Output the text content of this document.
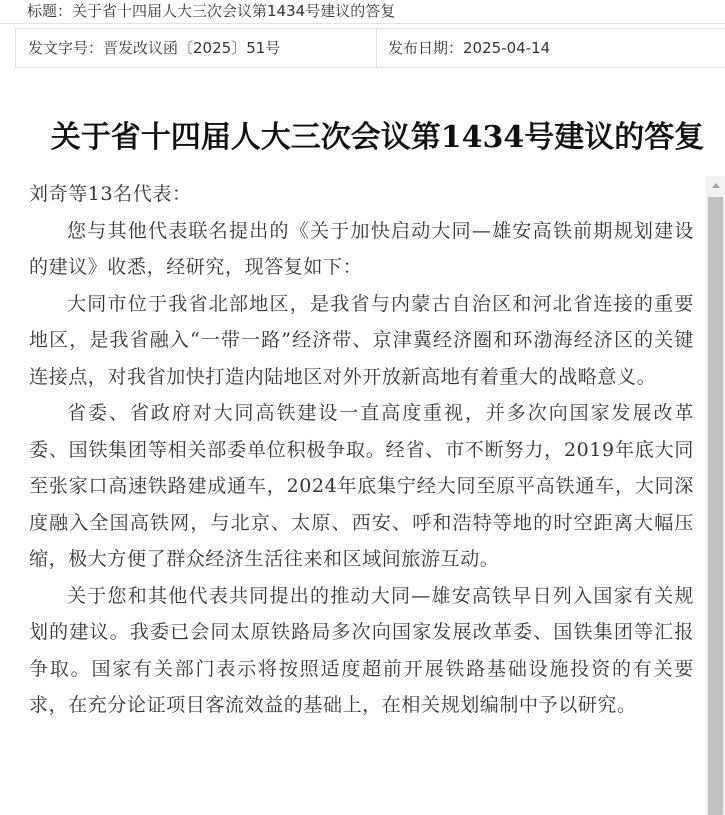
标题：关于省十四届人大三次会议第1434号建议的答复
发文字号：晋发改议函〔2025〕51号	发布日期：2025-04-14
关于省十四届人大三次会议第1434号建议的答复

刘奇等13名代表：

您与其他代表联名提出的《关于加快启动大同—雄安高铁前期规划建设的建议》收悉，经研究，现答复如下：

大同市位于我省北部地区，是我省与内蒙古自治区和河北省连接的重要地区，是我省融入“一带一路”经济带、京津冀经济圈和环渤海经济区的关键连接点，对我省加快打造内陆地区对外开放新高地有着重大的战略意义。

省委、省政府对大同高铁建设一直高度重视，并多次向国家发展改革委、国铁集团等相关部委单位积极争取。经省、市不断努力，2019年底大同至张家口高速铁路建成通车，2024年底集宁经大同至原平高铁通车，大同深度融入全国高铁网，与北京、太原、西安、呼和浩特等地的时空距离大幅压缩，极大方便了群众经济生活往来和区域间旅游互动。

关于您和其他代表共同提出的推动大同—雄安高铁早日列入国家有关规划的建议。我委已会同太原铁路局多次向国家发展改革委、国铁集团等汇报争取。国家有关部门表示将按照适度超前开展铁路基础设施投资的有关要求，在充分论证项目客流效益的基础上，在相关规划编制中予以研究。
